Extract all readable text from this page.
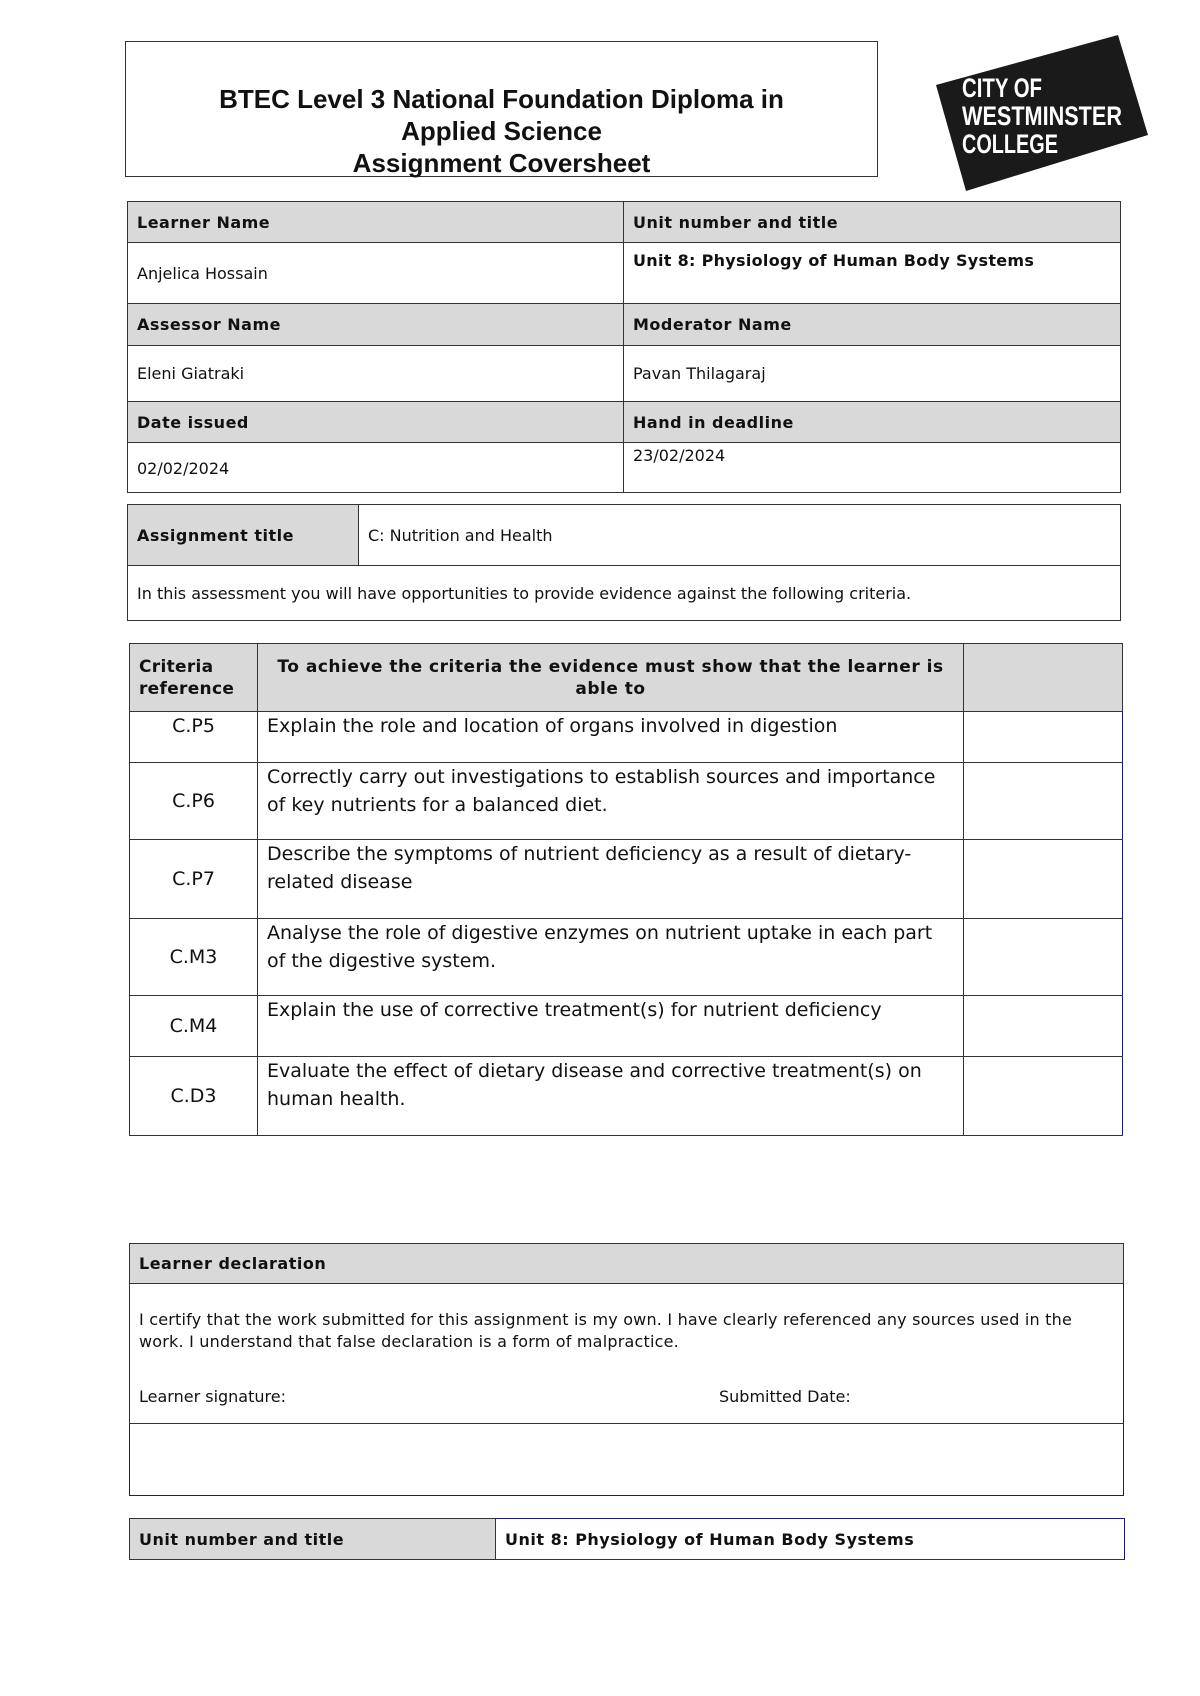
BTEC Level 3 National Foundation Diploma in
Applied Science
Assignment Coversheet
CITY OF
WESTMINSTER
COLLEGE
Learner Name	Unit number and title
Anjelica Hossain	Unit 8: Physiology of Human Body Systems
Assessor Name	Moderator Name
Eleni Giatraki	Pavan Thilagaraj
Date issued	Hand in deadline
02/02/2024	23/02/2024
Assignment title	C: Nutrition and Health
In this assessment you will have opportunities to provide evidence against the following criteria.
Criteria reference	To achieve the criteria the evidence must show that the learner is able to	
C.P5	Explain the role and location of organs involved in digestion	
C.P6	Correctly carry out investigations to establish sources and importance of key nutrients for a balanced diet.	
C.P7	Describe the symptoms of nutrient deficiency as a result of dietary-related disease	
C.M3	Analyse the role of digestive enzymes on nutrient uptake in each part of the digestive system.	
C.M4	Explain the use of corrective treatment(s) for nutrient deficiency	
C.D3	Evaluate the effect of dietary disease and corrective treatment(s) on human health.	
Learner declaration

I certify that the work submitted for this assignment is my own. I have clearly referenced any sources used in the work. I understand that false declaration is a form of malpractice.
Learner signature:	Submitted Date:

Unit number and title	Unit 8: Physiology of Human Body Systems
